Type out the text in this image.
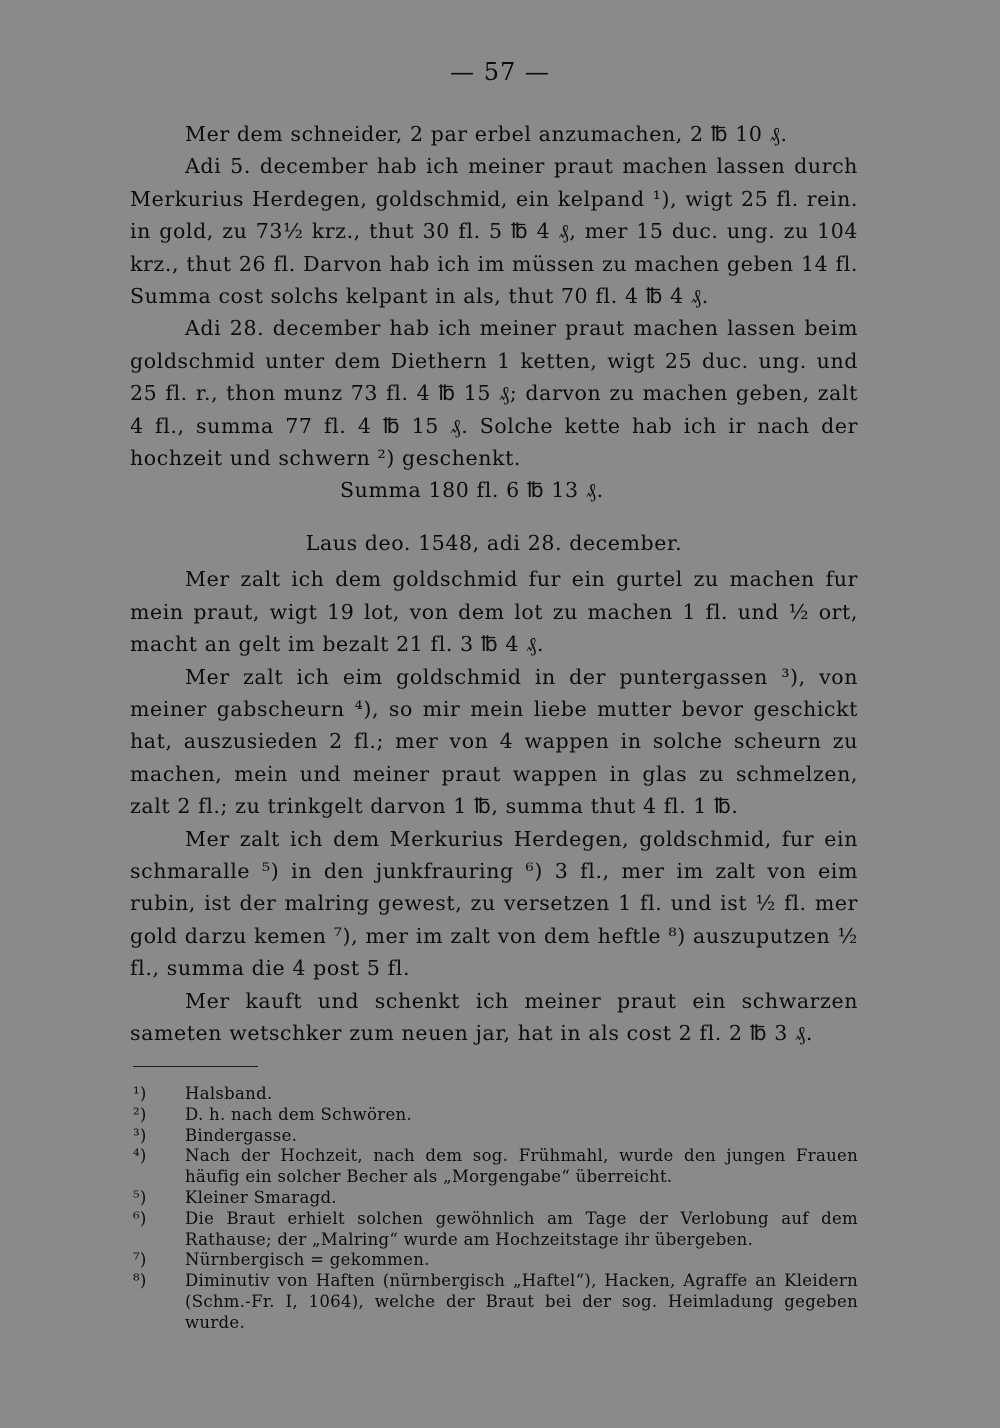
— 57 —

Mer dem schneider, 2 par erbel anzumachen, 2 ℔ 10 ₰.

Adi 5. december hab ich meiner praut machen lassen durch Merkurius Herdegen, goldschmid, ein kelpand ¹), wigt 25 fl. rein. in gold, zu 73½ krz., thut 30 fl. 5 ℔ 4 ₰, mer 15 duc. ung. zu 104 krz., thut 26 fl. Darvon hab ich im müssen zu machen geben 14 fl. Summa cost solchs kelpant in als, thut 70 fl. 4 ℔ 4 ₰.

Adi 28. december hab ich meiner praut machen lassen beim goldschmid unter dem Diethern 1 ketten, wigt 25 duc. ung. und 25 fl. r., thon munz 73 fl. 4 ℔ 15 ₰; darvon zu machen geben, zalt 4 fl., summa 77 fl. 4 ℔ 15 ₰. Solche kette hab ich ir nach der hochzeit und schwern ²) geschenkt.

Summa 180 fl. 6 ℔ 13 ₰.

Laus deo. 1548, adi 28. december.

Mer zalt ich dem goldschmid fur ein gurtel zu machen fur mein praut, wigt 19 lot, von dem lot zu machen 1 fl. und ½ ort, macht an gelt im bezalt 21 fl. 3 ℔ 4 ₰.

Mer zalt ich eim goldschmid in der puntergassen ³), von meiner gabscheurn ⁴), so mir mein liebe mutter bevor geschickt hat, auszusieden 2 fl.; mer von 4 wappen in solche scheurn zu machen, mein und meiner praut wappen in glas zu schmelzen, zalt 2 fl.; zu trinkgelt darvon 1 ℔, summa thut 4 fl. 1 ℔.

Mer zalt ich dem Merkurius Herdegen, goldschmid, fur ein schmaralle ⁵) in den junkfrauring ⁶) 3 fl., mer im zalt von eim rubin, ist der malring gewest, zu versetzen 1 fl. und ist ½ fl. mer gold darzu kemen ⁷), mer im zalt von dem heftle ⁸) auszuputzen ½ fl., summa die 4 post 5 fl.

Mer kauft und schenkt ich meiner praut ein schwarzen sameten wetschker zum neuen jar, hat in als cost 2 fl. 2 ℔ 3 ₰.

¹)	Halsband.
²)	D. h. nach dem Schwören.
³)	Bindergasse.
⁴)	Nach der Hochzeit, nach dem sog. Frühmahl, wurde den jungen Frauen häufig ein solcher Becher als „Morgengabe“ überreicht.
⁵)	Kleiner Smaragd.
⁶)	Die Braut erhielt solchen gewöhnlich am Tage der Verlobung auf dem Rathause; der „Malring“ wurde am Hochzeitstage ihr übergeben.
⁷)	Nürnbergisch = gekommen.
⁸)	Diminutiv von Haften (nürnbergisch „Haftel“), Hacken, Agraffe an Kleidern (Schm.-Fr. I, 1064), welche der Braut bei der sog. Heimladung gegeben wurde.
